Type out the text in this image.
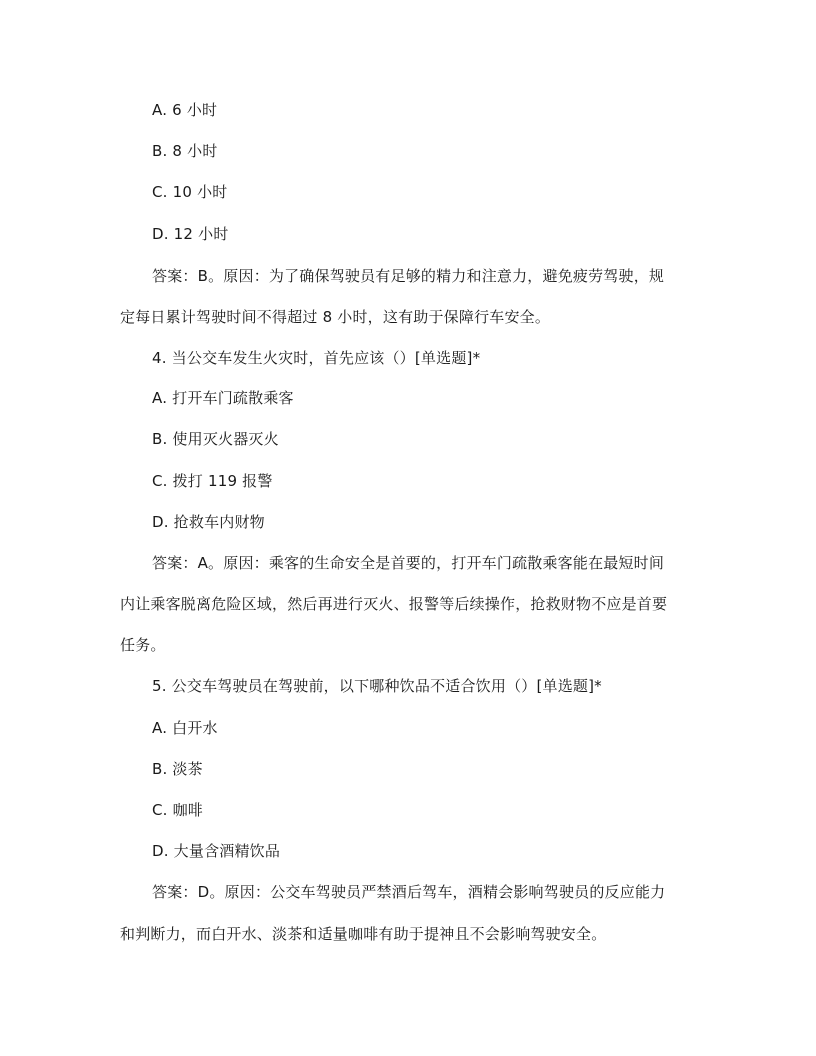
A. 6 小时
B. 8 小时
C. 10 小时
D. 12 小时
答案：B。原因：为了确保驾驶员有足够的精力和注意力，避免疲劳驾驶，规
定每日累计驾驶时间不得超过 8 小时，这有助于保障行车安全。
4. 当公交车发生火灾时，首先应该（）[单选题]*
A. 打开车门疏散乘客
B. 使用灭火器灭火
C. 拨打 119 报警
D. 抢救车内财物
答案：A。原因：乘客的生命安全是首要的，打开车门疏散乘客能在最短时间
内让乘客脱离危险区域，然后再进行灭火、报警等后续操作，抢救财物不应是首要
任务。
5. 公交车驾驶员在驾驶前，以下哪种饮品不适合饮用（）[单选题]*
A. 白开水
B. 淡茶
C. 咖啡
D. 大量含酒精饮品
答案：D。原因：公交车驾驶员严禁酒后驾车，酒精会影响驾驶员的反应能力
和判断力，而白开水、淡茶和适量咖啡有助于提神且不会影响驾驶安全。
